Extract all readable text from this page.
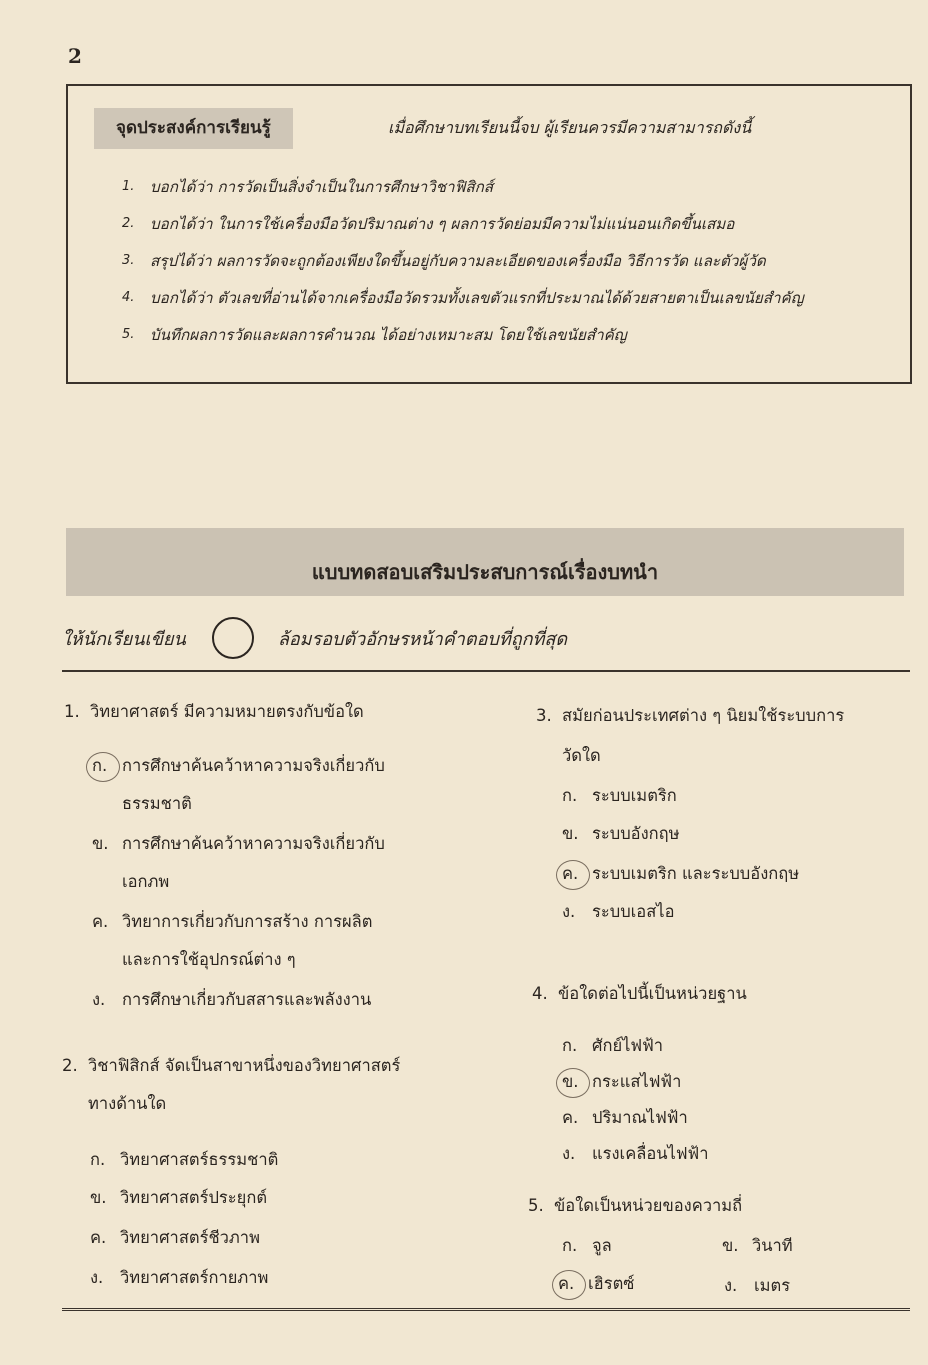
2
จุดประสงค์การเรียนรู้	เมื่อศึกษาบทเรียนนี้จบ ผู้เรียนควรมีความสามารถดังนี้
1.	บอกได้ว่า การวัดเป็นสิ่งจำเป็นในการศึกษาวิชาฟิสิกส์
2.	บอกได้ว่า ในการใช้เครื่องมือวัดปริมาณต่าง ๆ ผลการวัดย่อมมีความไม่แน่นอนเกิดขึ้นเสมอ
3.	สรุปได้ว่า ผลการวัดจะถูกต้องเพียงใดขึ้นอยู่กับความละเอียดของเครื่องมือ วิธีการวัด และตัวผู้วัด
4.	บอกได้ว่า ตัวเลขที่อ่านได้จากเครื่องมือวัดรวมทั้งเลขตัวแรกที่ประมาณได้ด้วยสายตาเป็นเลขนัยสำคัญ
5.	บันทึกผลการวัดและผลการคำนวณ ได้อย่างเหมาะสม โดยใช้เลขนัยสำคัญ
แบบทดสอบเสริมประสบการณ์เรื่องบทนำ
ให้นักเรียนเขียน	ล้อมรอบตัวอักษรหน้าคำตอบที่ถูกที่สุด
1. วิทยาศาสตร์ มีความหมายตรงกับข้อใด
ก. การศึกษาค้นคว้าหาความจริงเกี่ยวกับ
ธรรมชาติ
ข. การศึกษาค้นคว้าหาความจริงเกี่ยวกับ
เอกภพ
ค. วิทยาการเกี่ยวกับการสร้าง การผลิต
และการใช้อุปกรณ์ต่าง ๆ
ง. การศึกษาเกี่ยวกับสสารและพลังงาน
2. วิชาฟิสิกส์ จัดเป็นสาขาหนึ่งของวิทยาศาสตร์
ทางด้านใด
ก. วิทยาศาสตร์ธรรมชาติ
ข. วิทยาศาสตร์ประยุกต์
ค. วิทยาศาสตร์ชีวภาพ
ง. วิทยาศาสตร์กายภาพ
3. สมัยก่อนประเทศต่าง ๆ นิยมใช้ระบบการ
วัดใด
ก. ระบบเมตริก
ข. ระบบอังกฤษ
ค. ระบบเมตริก และระบบอังกฤษ
ง. ระบบเอสไอ
4. ข้อใดต่อไปนี้เป็นหน่วยฐาน
ก. ศักย์ไฟฟ้า
ข. กระแสไฟฟ้า
ค. ปริมาณไฟฟ้า
ง. แรงเคลื่อนไฟฟ้า
5. ข้อใดเป็นหน่วยของความถี่
ก. จูล	ข. วินาที
ค. เฮิรตซ์	ง. เมตร
